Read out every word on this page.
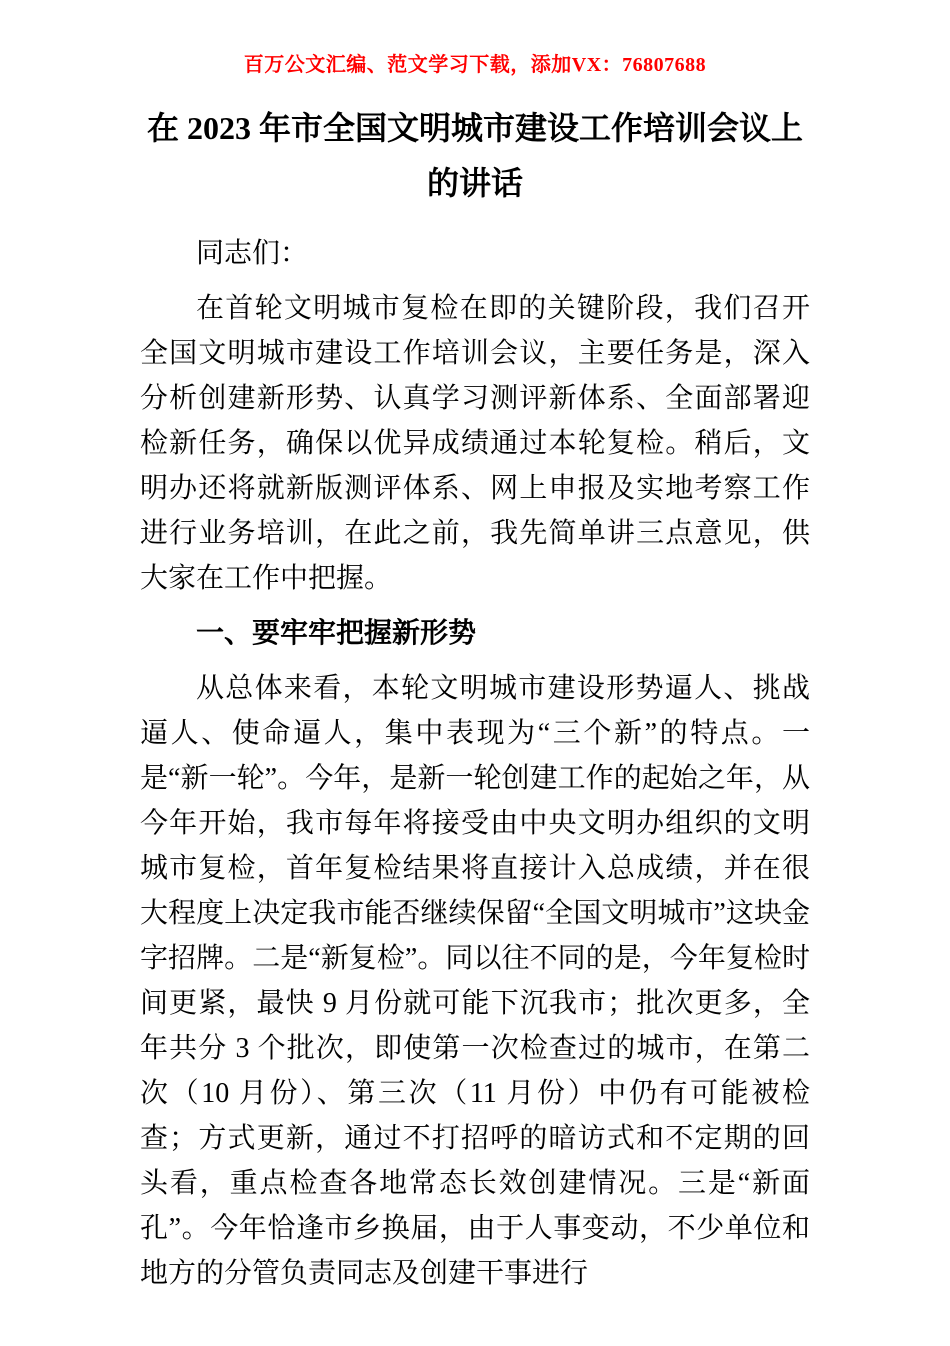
百万公文汇编、范文学习下载，添加VX：76807688
在 2023 年市全国文明城市建设工作培训会议上的讲话

同志们：

在首轮文明城市复检在即的关键阶段，我们召开全国文明城市建设工作培训会议，主要任务是，深入分析创建新形势、认真学习测评新体系、全面部署迎检新任务，确保以优异成绩通过本轮复检。稍后，文明办还将就新版测评体系、网上申报及实地考察工作进行业务培训，在此之前，我先简单讲三点意见，供大家在工作中把握。

一、要牢牢把握新形势

从总体来看，本轮文明城市建设形势逼人、挑战逼人、使命逼人，集中表现为“三个新”的特点。一是“新一轮”。今年，是新一轮创建工作的起始之年，从今年开始，我市每年将接受由中央文明办组织的文明城市复检，首年复检结果将直接计入总成绩，并在很大程度上决定我市能否继续保留“全国文明城市”这块金字招牌。二是“新复检”。同以往不同的是，今年复检时间更紧，最快 9 月份就可能下沉我市；批次更多，全年共分 3 个批次，即使第一次检查过的城市，在第二次（10 月份）、第三次（11 月份）中仍有可能被检查；方式更新，通过不打招呼的暗访式和不定期的回头看，重点检查各地常态长效创建情况。三是“新面孔”。今年恰逢市乡换届，由于人事变动，不少单位和地方的分管负责同志及创建干事进行
